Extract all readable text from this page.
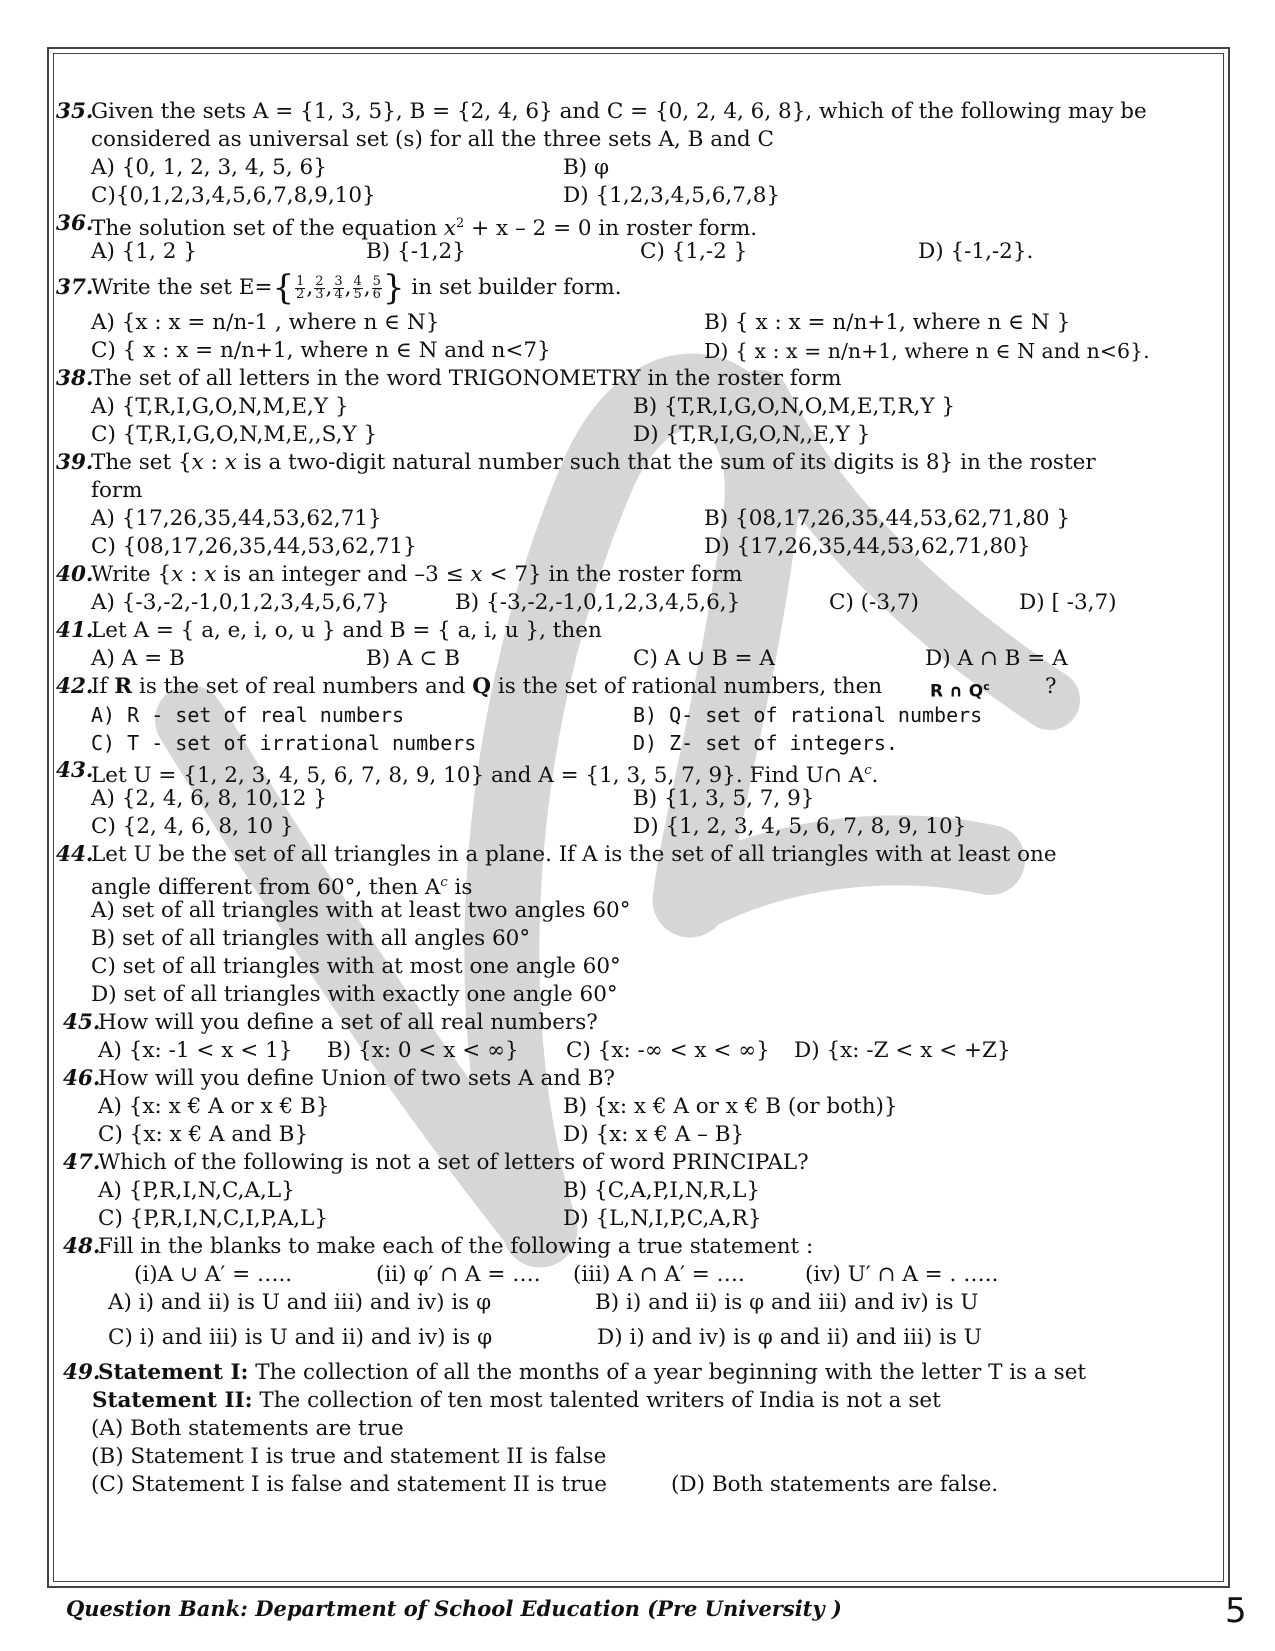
35.
Given the sets A = {1, 3, 5}, B = {2, 4, 6} and C = {0, 2, 4, 6, 8}, which of the following may be
considered as universal set (s) for all the three sets A, B and C
A) {0, 1, 2, 3, 4, 5, 6}	B) φ
C){0,1,2,3,4,5,6,7,8,9,10}	D) {1,2,3,4,5,6,7,8}
36.
The solution set of the equation $x^2 + x - 2 = 0$ in roster form.
A) {1, 2 }	B) {-1,2}	C) {1,-2 }	D) {-1,-2}.
37.
Write the set $E=\{ \frac{1}{2}$ , $\frac{2}{3}$ , $\frac{3}{4}$ , $\frac{4}{5}$ , $\frac{5}{6}$ } in set builder form.
A) {x : x = n/n-1 , where n ∈ N}	B) { x : x = n/n+1, where n ∈ N }
C) { x : x = n/n+1, where n ∈ N and n<7}	D) { x : x = n/n+1, where n ∈ N and n<6}.
38.
The set of all letters in the word TRIGONOMETRY in the roster form
A) {T,R,I,G,O,N,M,E,Y }	B) {T,R,I,G,O,N,O,M,E,T,R,Y }
C) {T,R,I,G,O,N,M,E,,S,Y }	D) {T,R,I,G,O,N,,E,Y }
39.
The set {x : x is a two-digit natural number such that the sum of its digits is 8} in the roster
form
A) {17,26,35,44,53,62,71}	B) {08,17,26,35,44,53,62,71,80 }
C) {08,17,26,35,44,53,62,71}	D) {17,26,35,44,53,62,71,80}
40.
Write {x : x is an integer and –3 ≤ x < 7} in the roster form
A) {-3,-2,-1,0,1,2,3,4,5,6,7}	B) {-3,-2,-1,0,1,2,3,4,5,6,}	C) (-3,7)	D) [ -3,7)
41.
Let A = { a, e, i, o, u } and B = { a, i, u }, then
A) A = B	B) A ⊂ B	C) A ∪ B = A	D) A ∩ B = A
42.
If R is the set of real numbers and Q is the set of rational numbers, then	R ∩ $Q^c$	?
A) R - set of real numbers	B) Q- set of rational numbers
C) T - set of irrational numbers	D) Z- set of integers.
43.
Let U = {1, 2, 3, 4, 5, 6, 7, 8, 9, 10} and A = {1, 3, 5, 7, 9}. Find U∩ $A^c$.
A) {2, 4, 6, 8, 10,12 }	B) {1, 3, 5, 7, 9}
C) {2, 4, 6, 8, 10 }	D) {1, 2, 3, 4, 5, 6, 7, 8, 9, 10}
44.
Let U be the set of all triangles in a plane. If A is the set of all triangles with at least one
angle different from 60°, then $A^c$ is
A) set of all triangles with at least two angles 60°
B) set of all triangles with all angles 60°
C) set of all triangles with at most one angle 60°
D) set of all triangles with exactly one angle 60°
45.
How will you define a set of all real numbers?
A) {x: -1 < x < 1} B) {x: 0 < x < ∞} C) {x: -∞ < x < ∞} D) {x: -Z < x < +Z}
46.
How will you define Union of two sets A and B?
A) {x: x € A or x € B}	B) {x: x € A or x € B (or both)}
C) {x: x € A and B}	D) {x: x € A – B}
47.
Which of the following is not a set of letters of word PRINCIPAL?
A) {P,R,I,N,C,A,L}	B) {C,A,P,I,N,R,L}
C) {P,R,I,N,C,I,P,A,L}	D) {L,N,I,P,C,A,R}
48.
Fill in the blanks to make each of the following a true statement :
(i)A ∪ A′ = …..	(ii) φ′ ∩ A = …. (iii) A ∩ A′ = ….	(iv) U′ ∩ A = . …..
A) i) and ii) is U and iii) and iv) is φ	B) i) and ii) is φ and iii) and iv) is U
C) i) and iii) is U and ii) and iv) is φ	D) i) and iv) is φ and ii) and iii) is U
49.
Statement I: The collection of all the months of a year beginning with the letter T is a set
Statement II: The collection of ten most talented writers of India is not a set
(A) Both statements are true
(B) Statement I is true and statement II is false
(C) Statement I is false and statement II is true	(D) Both statements are false.
Question Bank: Department of School Education (Pre University )	5
